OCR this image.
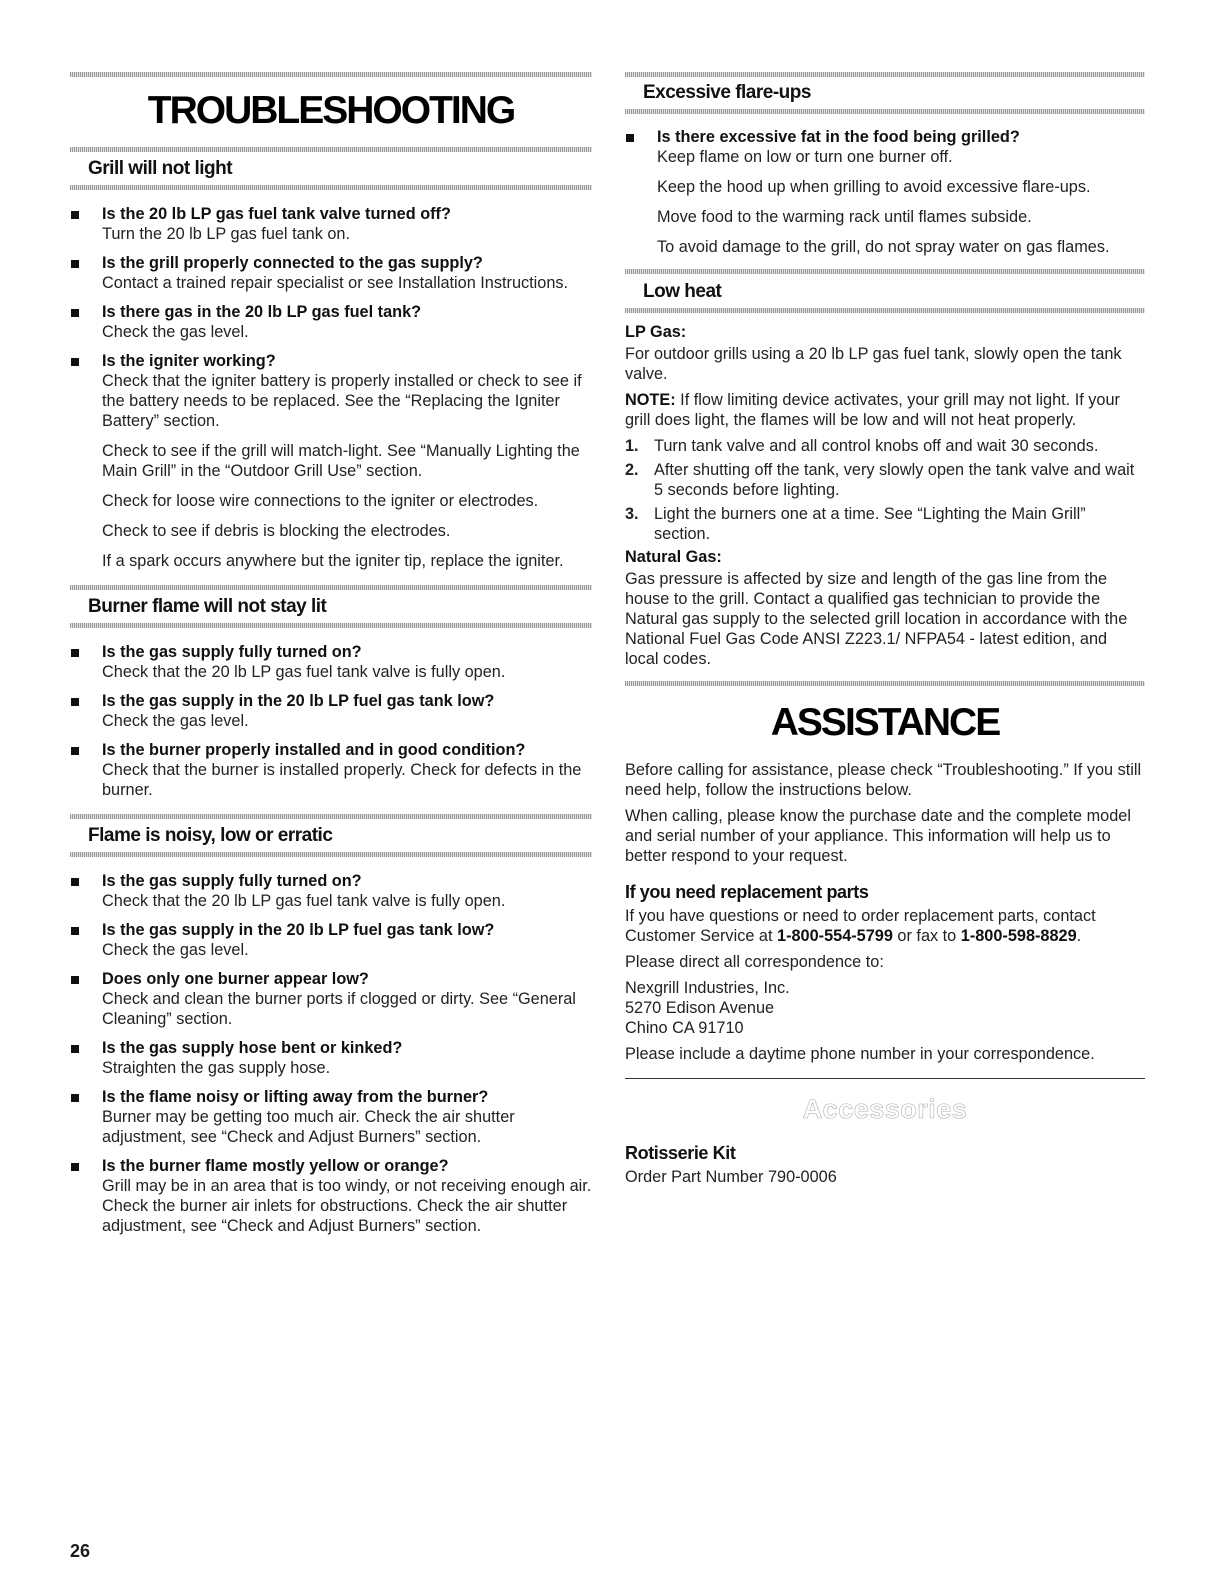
TROUBLESHOOTING
Grill will not light
Is the 20 lb LP gas fuel tank valve turned off?
Turn the 20 lb LP gas fuel tank on.
Is the grill properly connected to the gas supply?
Contact a trained repair specialist or see Installation Instructions.
Is there gas in the 20 lb LP gas fuel tank?
Check the gas level.
Is the igniter working?
Check that the igniter battery is properly installed or check to see if the battery needs to be replaced. See the “Replacing the Igniter Battery” section.
Check to see if the grill will match-light. See “Manually Lighting the Main Grill” in the “Outdoor Grill Use” section.
Check for loose wire connections to the igniter or electrodes.
Check to see if debris is blocking the electrodes.
If a spark occurs anywhere but the igniter tip, replace the igniter.
Burner flame will not stay lit
Is the gas supply fully turned on?
Check that the 20 lb LP gas fuel tank valve is fully open.
Is the gas supply in the 20 lb LP fuel gas tank low?
Check the gas level.
Is the burner properly installed and in good condition?
Check that the burner is installed properly. Check for defects in the burner.
Flame is noisy, low or erratic
Is the gas supply fully turned on?
Check that the 20 lb LP gas fuel tank valve is fully open.
Is the gas supply in the 20 lb LP fuel gas tank low?
Check the gas level.
Does only one burner appear low?
Check and clean the burner ports if clogged or dirty. See “General Cleaning” section.
Is the gas supply hose bent or kinked?
Straighten the gas supply hose.
Is the flame noisy or lifting away from the burner?
Burner may be getting too much air. Check the air shutter adjustment, see “Check and Adjust Burners” section.
Is the burner flame mostly yellow or orange?
Grill may be in an area that is too windy, or not receiving enough air. Check the burner air inlets for obstructions. Check the air shutter adjustment, see “Check and Adjust Burners” section.
Excessive flare-ups
Is there excessive fat in the food being grilled?
Keep flame on low or turn one burner off.
Keep the hood up when grilling to avoid excessive flare-ups.
Move food to the warming rack until flames subside.
To avoid damage to the grill, do not spray water on gas flames.
Low heat

LP Gas:

For outdoor grills using a 20 lb LP gas fuel tank, slowly open the tank valve.

NOTE: If flow limiting device activates, your grill may not light. If your grill does light, the flames will be low and will not heat properly.

1. Turn tank valve and all control knobs off and wait 30 seconds.
2. After shutting off the tank, very slowly open the tank valve and wait 5 seconds before lighting.
3. Light the burners one at a time. See “Lighting the Main Grill” section.

Natural Gas:

Gas pressure is affected by size and length of the gas line from the house to the grill. Contact a qualified gas technician to provide the Natural gas supply to the selected grill location in accordance with the National Fuel Gas Code ANSI Z223.1/ NFPA54 - latest edition, and local codes.

ASSISTANCE

Before calling for assistance, please check “Troubleshooting.” If you still need help, follow the instructions below.

When calling, please know the purchase date and the complete model and serial number of your appliance. This information will help us to better respond to your request.

If you need replacement parts

If you have questions or need to order replacement parts, contact Customer Service at 1-800-554-5799 or fax to 1-800-598-8829.

Please direct all correspondence to:

Nexgrill Industries, Inc.
5270 Edison Avenue
Chino CA 91710

Please include a daytime phone number in your correspondence.

Accessories
Rotisserie Kit

Order Part Number 790-0006

26
